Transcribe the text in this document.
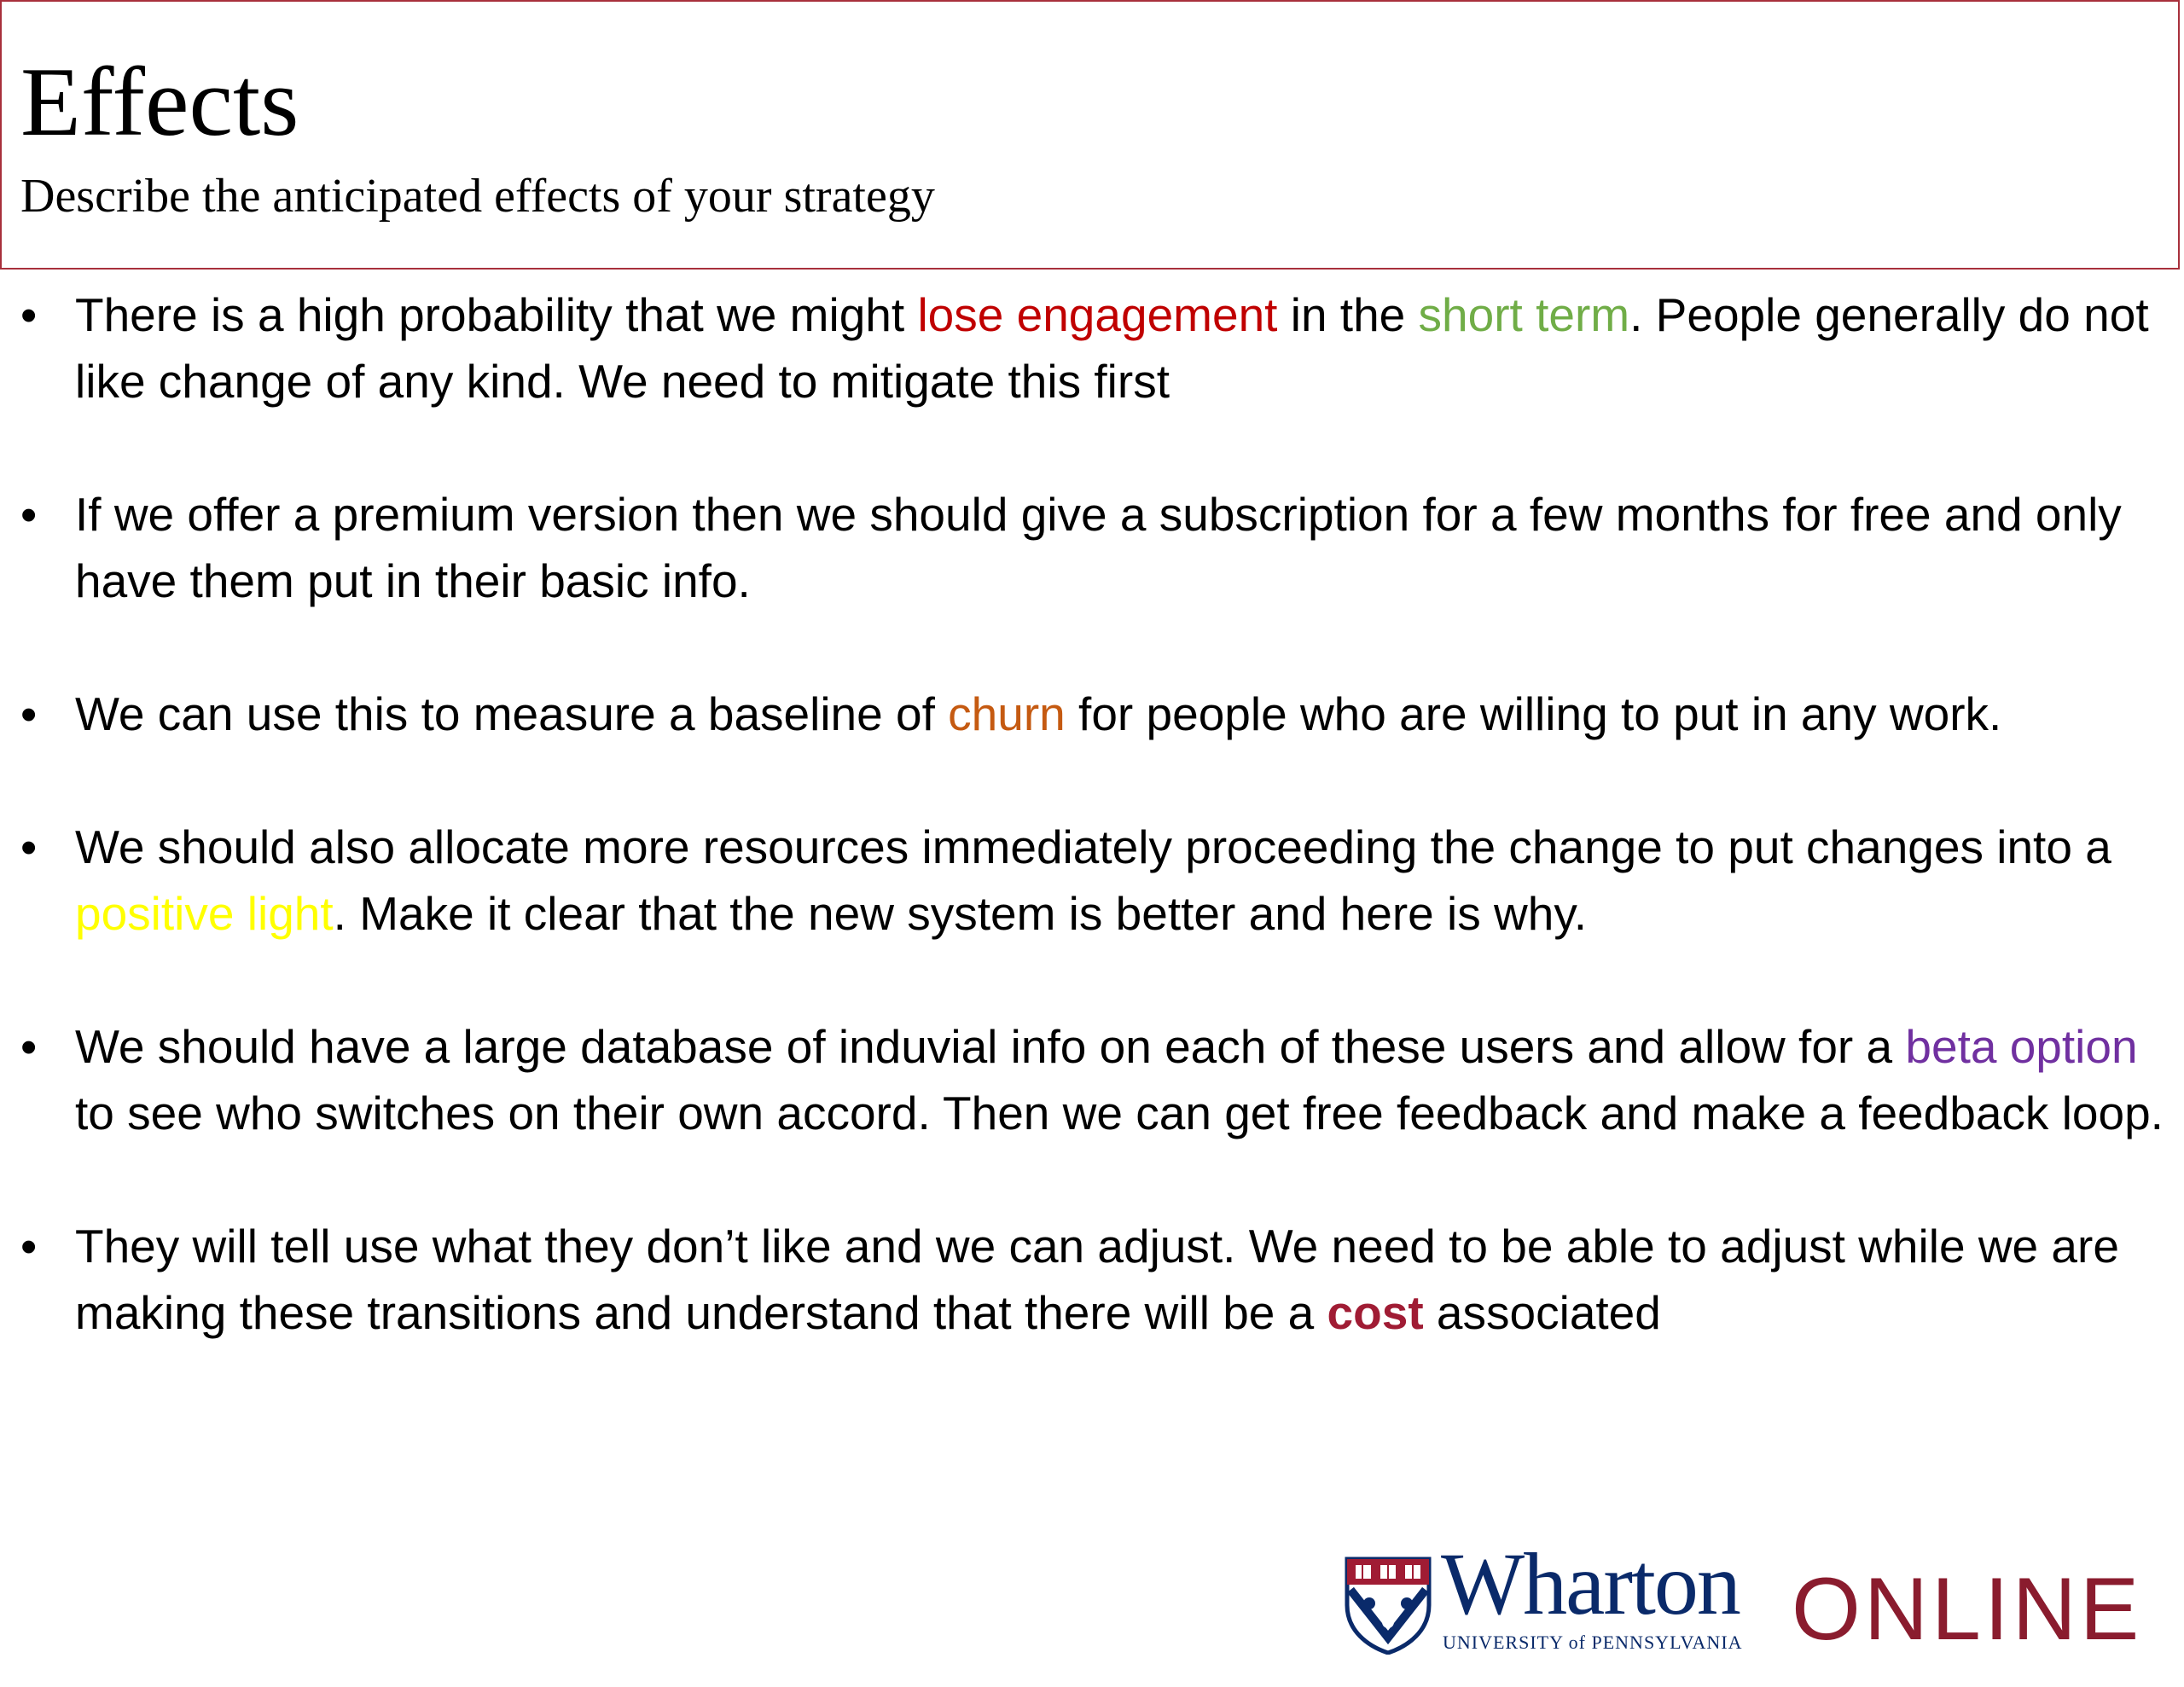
Effects

Describe the anticipated effects of your strategy

• There is a high probability that we might lose engagement in the short term. People generally do not like change of any kind. We need to mitigate this first
• If we offer a premium version then we should give a subscription for a few months for free and only have them put in their basic info.
• We can use this to measure a baseline of churn for people who are willing to put in any work.
• We should also allocate more resources immediately proceeding the change to put changes into a positive light. Make it clear that the new system is better and here is why.
• We should have a large database of induvial info on each of these users and allow for a beta option to see who switches on their own accord. Then we can get free feedback and make a feedback loop.
• They will tell use what they don’t like and we can adjust. We need to be able to adjust while we are making these transitions and understand that there will be a cost associated
Wharton
UNIVERSITY of PENNSYLVANIA ONLINE
